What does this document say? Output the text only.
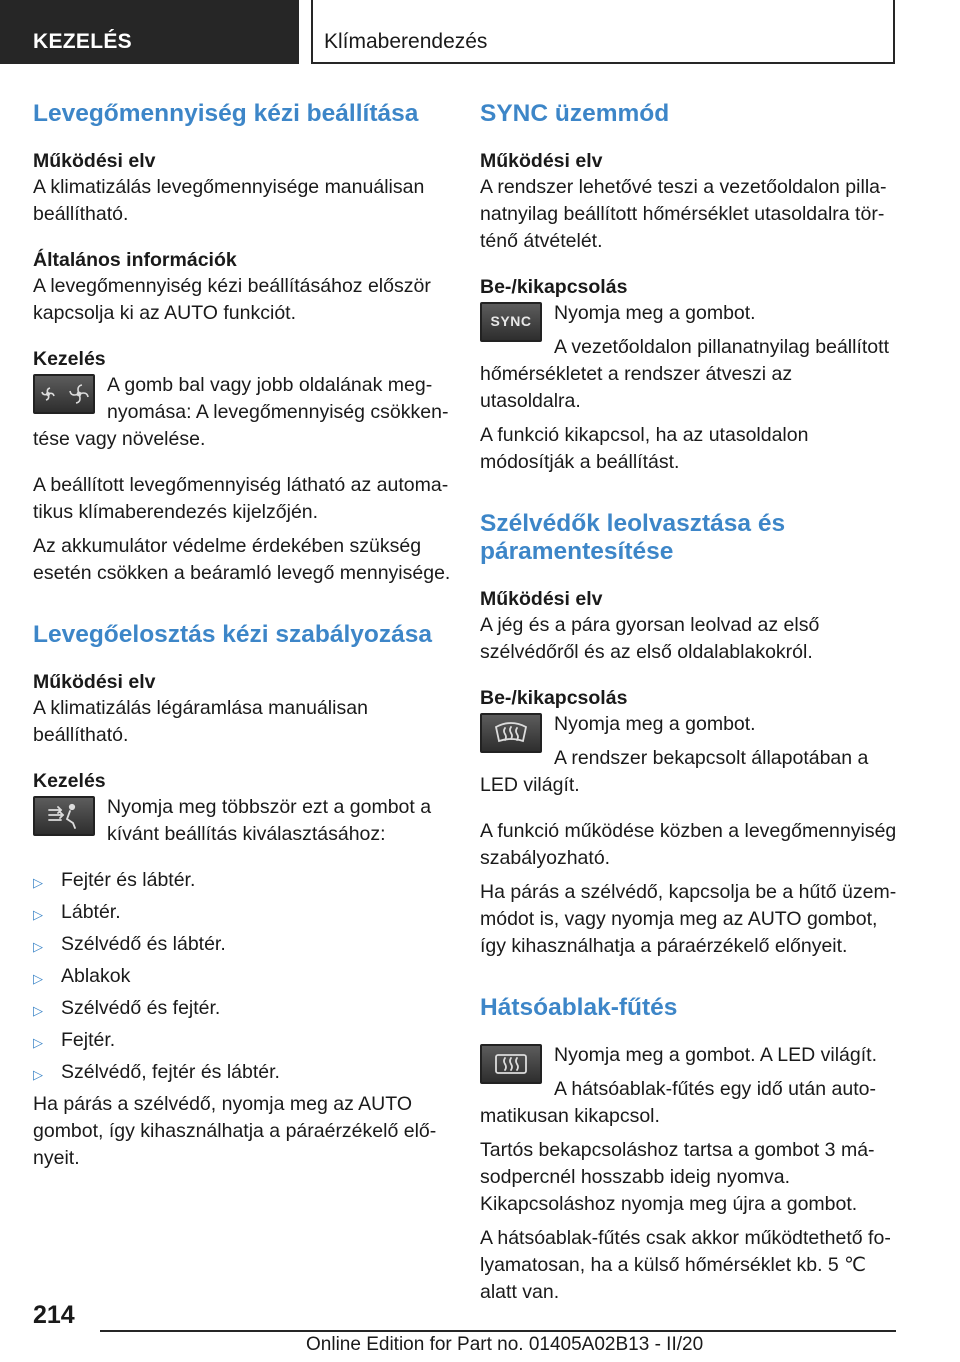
KEZELÉS	Klímaberendezés
Levegőmennyiség kézi beállítása
Működési elv

A klimatizálás levegőmennyisége manuálisan beállítható.

Általános információk

A levegőmennyiség kézi beállításához először kapcsolja ki az AUTO funkciót.

Kezelés

A gomb bal vagy jobb oldalának megnyomása: A levegőmennyiség csökkentése vagy növelése.

A beállított levegőmennyiség látható az automatikus klímaberendezés kijelzőjén.

Az akkumulátor védelme érdekében szükség esetén csökken a beáramló levegő mennyisége.

Levegőelosztás kézi szabályozása
Működési elv

A klimatizálás légáramlása manuálisan beállítható.

Kezelés

Nyomja meg többször ezt a gombot a kívánt beállítás kiválasztásához:

▷ Fejtér és lábtér.
▷ Lábtér.
▷ Szélvédő és lábtér.
▷ Ablakok
▷ Szélvédő és fejtér.
▷ Fejtér.
▷ Szélvédő, fejtér és lábtér.

Ha párás a szélvédő, nyomja meg az AUTO gombot, így kihasználhatja a páraérzékelő előnyeit.

SYNC üzemmód
Működési elv

A rendszer lehetővé teszi a vezetőoldalon pillanatnyilag beállított hőmérséklet utasoldalra történő átvételét.

Be-/kikapcsolás
SYNC	Nyomja meg a gombot.

A vezetőoldalon pillanatnyilag beállított hőmérsékletet a rendszer átveszi az utasoldalra.

A funkció kikapcsol, ha az utasoldalon módosítják a beállítást.

Szélvédők leolvasztása és páramentesítése
Működési elv

A jég és a pára gyorsan leolvad az első szélvédőről és az első oldalablakokról.

Be-/kikapcsolás

Nyomja meg a gombot.

A rendszer bekapcsolt állapotában a LED világít.

A funkció működése közben a levegőmennyiség szabályozható.

Ha párás a szélvédő, kapcsolja be a hűtő üzemmódot is, vagy nyomja meg az AUTO gombot, így kihasználhatja a páraérzékelő előnyeit.

Hátsóablak-fűtés

Nyomja meg a gombot. A LED világít.

A hátsóablak-fűtés egy idő után automatikusan kikapcsol.

Tartós bekapcsoláshoz tartsa a gombot 3 másodpercnél hosszabb ideig nyomva. Kikapcsoláshoz nyomja meg újra a gombot.

A hátsóablak-fűtés csak akkor működtethető folyamatosan, ha a külső hőmérséklet kb. 5 ℃ alatt van.

214
Online Edition for Part no. 01405A02B13 - II/20
